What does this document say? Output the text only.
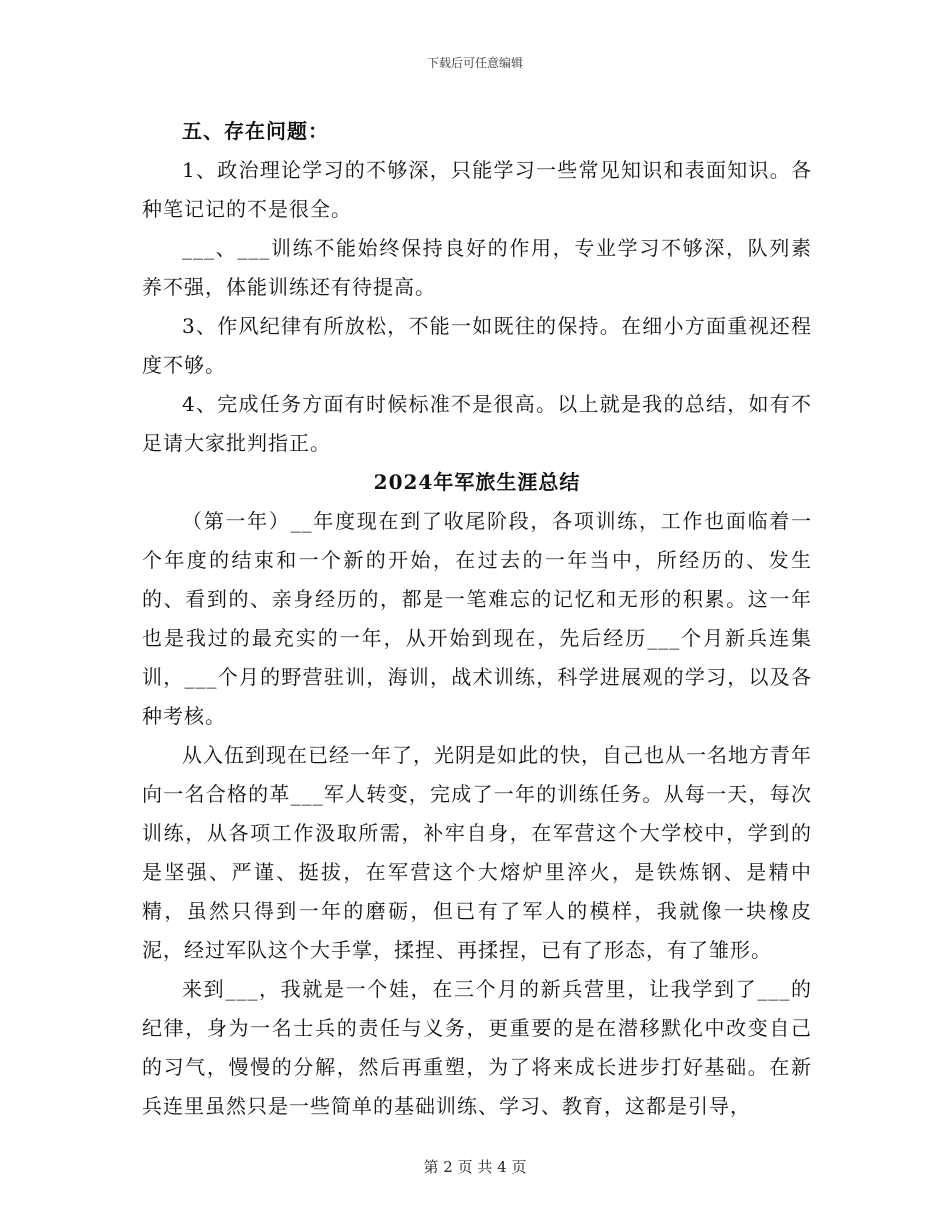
下载后可任意编辑

五、存在问题：

1、政治理论学习的不够深，只能学习一些常见知识和表面知识。各种笔记记的不是很全。

___、___训练不能始终保持良好的作用，专业学习不够深，队列素养不强，体能训练还有待提高。

3、作风纪律有所放松，不能一如既往的保持。在细小方面重视还程度不够。

4、完成任务方面有时候标准不是很高。以上就是我的总结，如有不足请大家批判指正。

2024年军旅生涯总结

（第一年）__年度现在到了收尾阶段，各项训练，工作也面临着一个年度的结束和一个新的开始，在过去的一年当中，所经历的、发生的、看到的、亲身经历的，都是一笔难忘的记忆和无形的积累。这一年也是我过的最充实的一年，从开始到现在，先后经历___个月新兵连集训，___个月的野营驻训，海训，战术训练，科学进展观的学习，以及各种考核。

从入伍到现在已经一年了，光阴是如此的快，自己也从一名地方青年向一名合格的革___军人转变，完成了一年的训练任务。从每一天，每次训练，从各项工作汲取所需，补牢自身，在军营这个大学校中，学到的是坚强、严谨、挺拔，在军营这个大熔炉里淬火，是铁炼钢、是精中精，虽然只得到一年的磨砺，但已有了军人的模样，我就像一块橡皮泥，经过军队这个大手掌，揉捏、再揉捏，已有了形态，有了雏形。

来到___，我就是一个娃，在三个月的新兵营里，让我学到了___的纪律，身为一名士兵的责任与义务，更重要的是在潜移默化中改变自己的习气，慢慢的分解，然后再重塑，为了将来成长进步打好基础。在新兵连里虽然只是一些简单的基础训练、学习、教育，这都是引导，

第 2 页 共 4 页
